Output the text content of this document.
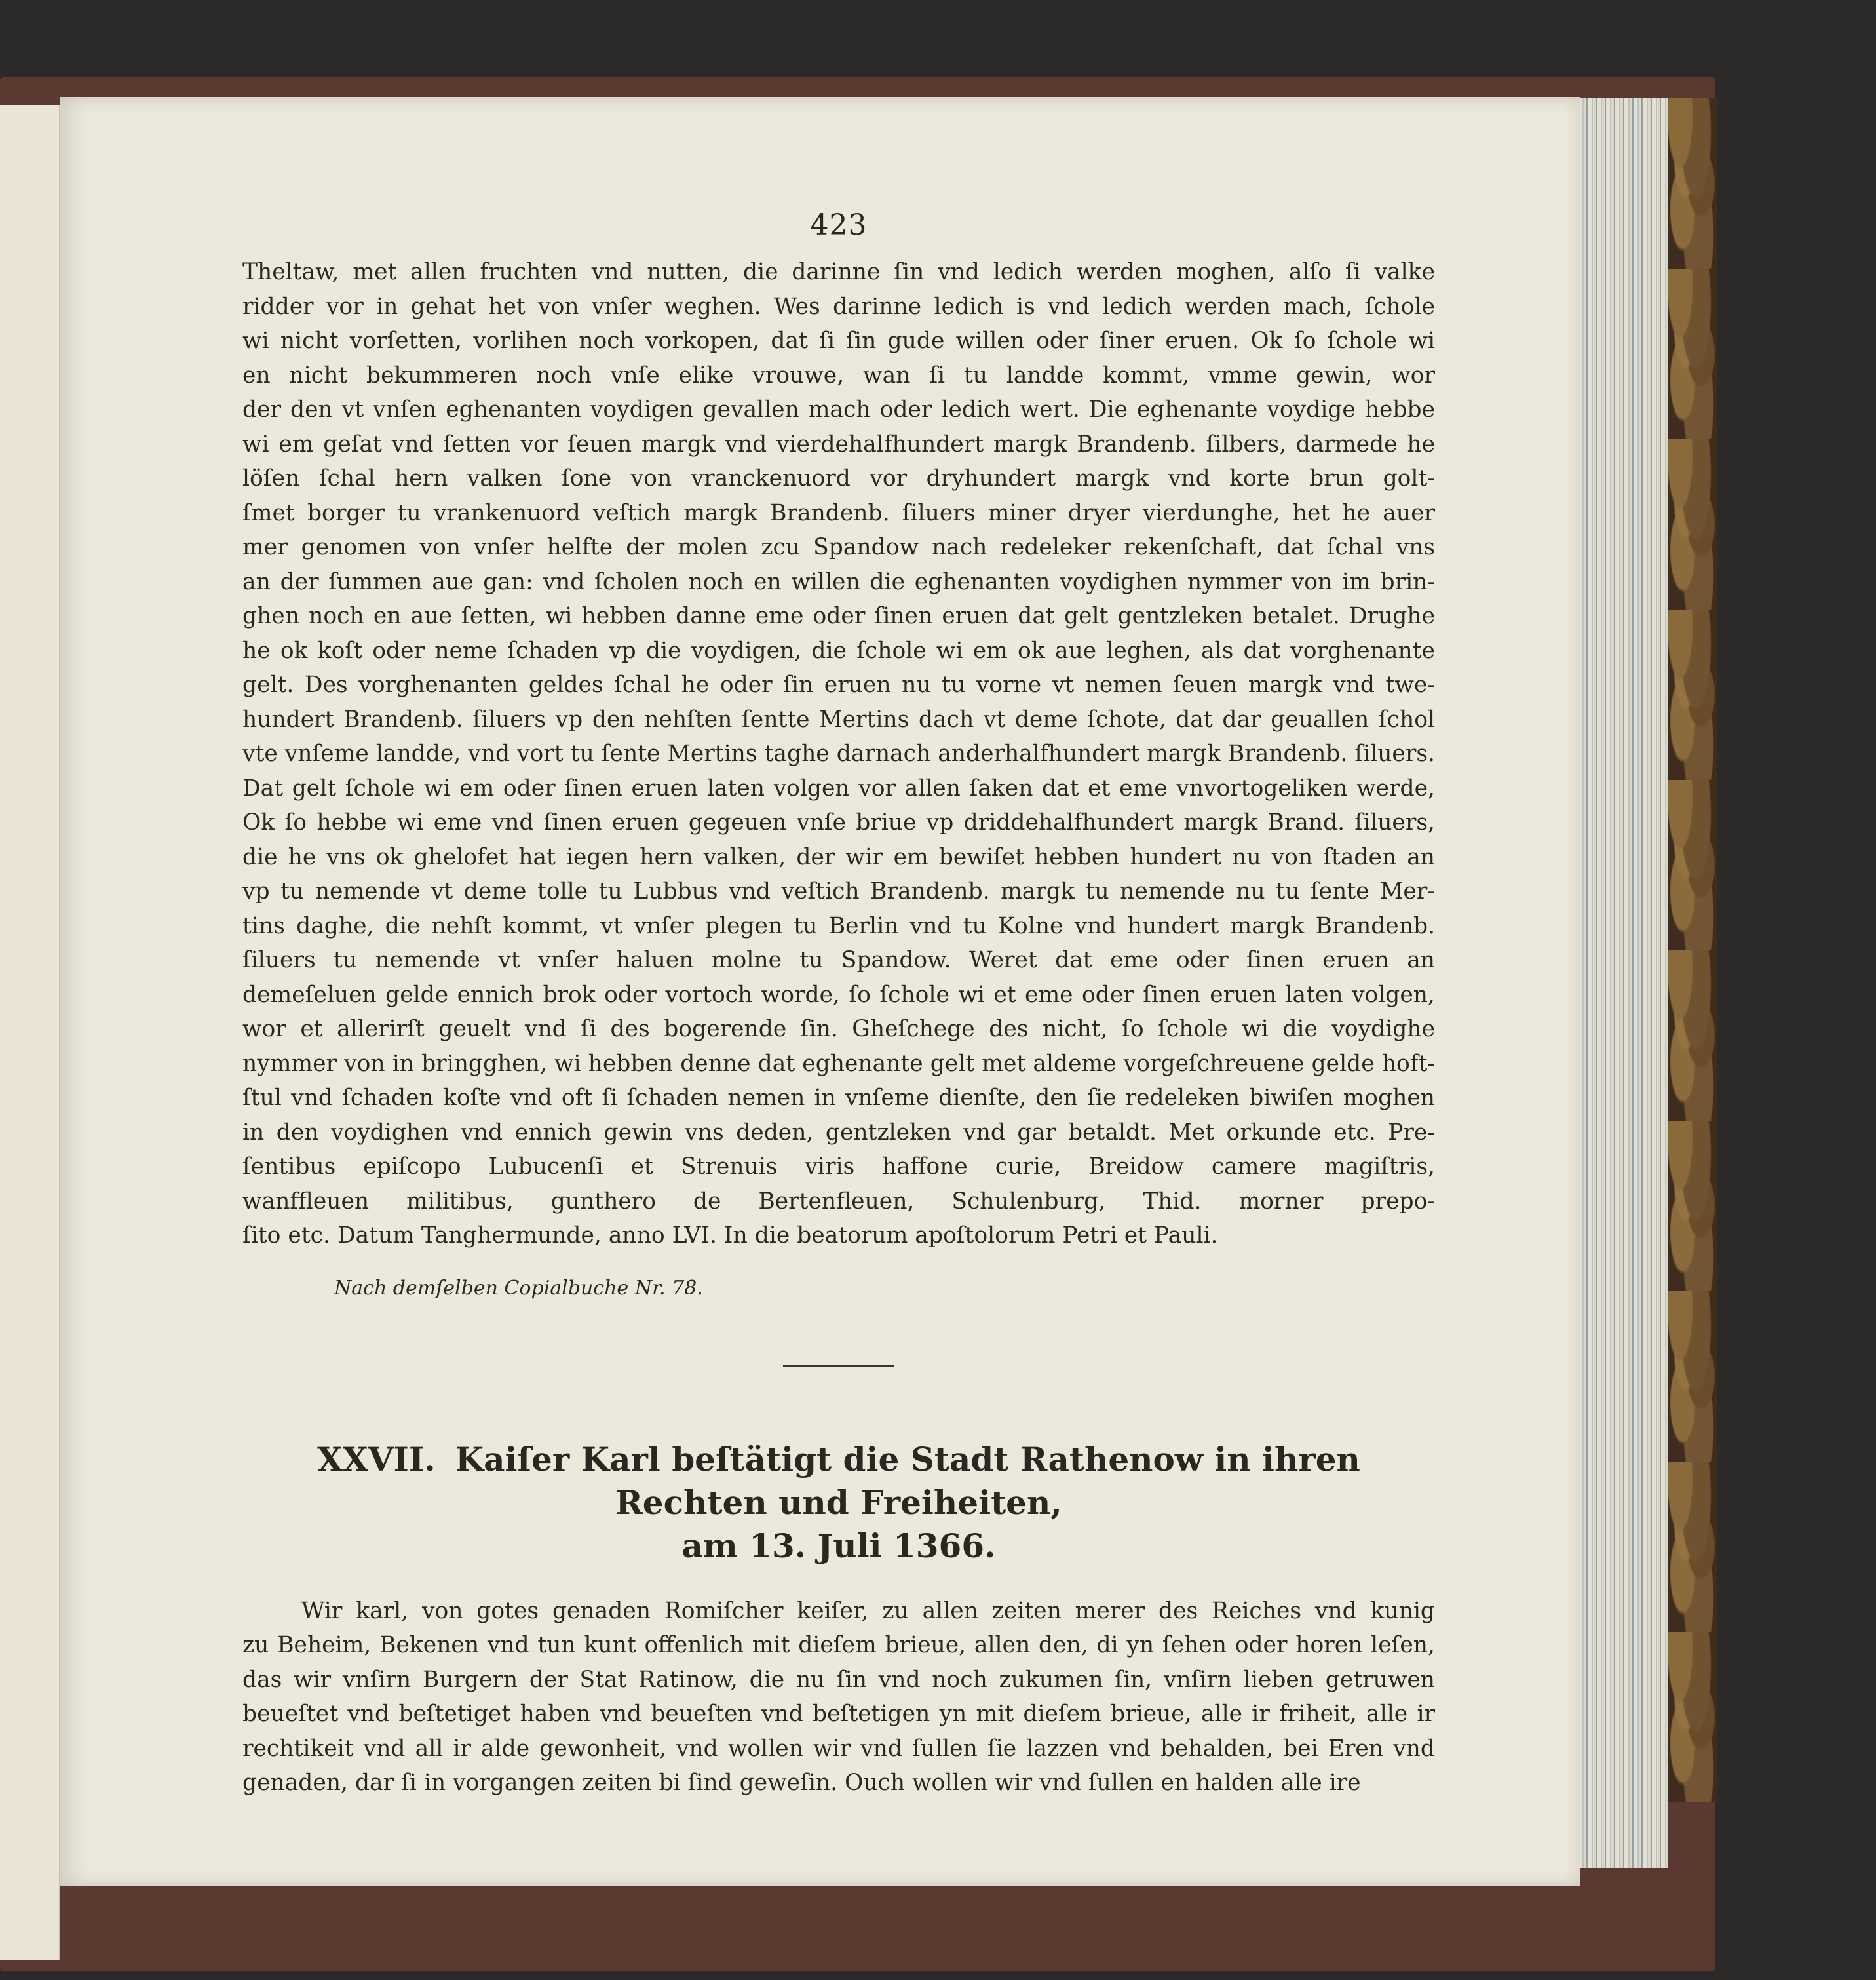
423
Theltaw, met allen fruchten vnd nutten, die darinne ſin vnd ledich werden moghen, alſo ſi valke
ridder vor in gehat het von vnſer weghen. Wes darinne ledich is vnd ledich werden mach, ſchole
wi nicht vorſetten, vorlihen noch vorkopen, dat ſi ſin gude willen oder ſiner eruen. Ok ſo ſchole wi
en nicht bekummeren noch vnſe elike vrouwe, wan ſi tu landde kommt, vmme gewin, wor
der den vt vnſen eghenanten voydigen gevallen mach oder ledich wert. Die eghenante voydige hebbe
wi em geſat vnd ſetten vor ſeuen margk vnd vierdehalfhundert margk Brandenb. ſilbers, darmede he
löſen ſchal hern valken ſone von vranckenuord vor dryhundert margk vnd korte brun golt-
ſmet borger tu vrankenuord veſtich margk Brandenb. ſiluers miner dryer vierdunghe, het he auer
mer genomen von vnſer helfte der molen zcu Spandow nach redeleker rekenſchaft, dat ſchal vns
an der ſummen aue gan: vnd ſcholen noch en willen die eghenanten voydighen nymmer von im brin-
ghen noch en aue ſetten, wi hebben danne eme oder ſinen eruen dat gelt gentzleken betalet. Drughe
he ok koſt oder neme ſchaden vp die voydigen, die ſchole wi em ok aue leghen, als dat vorghenante
gelt. Des vorghenanten geldes ſchal he oder ſin eruen nu tu vorne vt nemen ſeuen margk vnd twe-
hundert Brandenb. ſiluers vp den nehſten ſentte Mertins dach vt deme ſchote, dat dar geuallen ſchol
vte vnſeme landde, vnd vort tu ſente Mertins taghe darnach anderhalfhundert margk Brandenb. ſiluers.
Dat gelt ſchole wi em oder ſinen eruen laten volgen vor allen ſaken dat et eme vnvortogeliken werde,
Ok ſo hebbe wi eme vnd ſinen eruen gegeuen vnſe briue vp driddehalfhundert margk Brand. ſiluers,
die he vns ok ghelofet hat iegen hern valken, der wir em bewiſet hebben hundert nu von ſtaden an
vp tu nemende vt deme tolle tu Lubbus vnd veſtich Brandenb. margk tu nemende nu tu ſente Mer-
tins daghe, die nehſt kommt, vt vnſer plegen tu Berlin vnd tu Kolne vnd hundert margk Brandenb.
ſiluers tu nemende vt vnſer haluen molne tu Spandow. Weret dat eme oder ſinen eruen an
demeſeluen gelde ennich brok oder vortoch worde, ſo ſchole wi et eme oder ſinen eruen laten volgen,
wor et allerirſt geuelt vnd ſi des bogerende ſin. Gheſchege des nicht, ſo ſchole wi die voydighe
nymmer von in bringghen, wi hebben denne dat eghenante gelt met aldeme vorgeſchreuene gelde hoft-
ſtul vnd ſchaden koſte vnd oft ſi ſchaden nemen in vnſeme dienſte, den ſie redeleken biwiſen moghen
in den voydighen vnd ennich gewin vns deden, gentzleken vnd gar betaldt. Met orkunde etc. Pre-
ſentibus epiſcopo Lubucenſi et Strenuis viris haffone curie, Breidow camere magiſtris,
wanffleuen militibus, gunthero de Bertenfleuen, Schulenburg, Thid. morner prepo-
ſito etc. Datum Tanghermunde, anno LVI. In die beatorum apoſtolorum Petri et Pauli.
Nach demſelben Copialbuche Nr. 78.
XXVII. Kaiſer Karl beſtätigt die Stadt Rathenow in ihren Rechten und Freiheiten,
am 13. Juli 1366.
Wir karl, von gotes genaden Romiſcher keiſer, zu allen zeiten merer des Reiches vnd kunig
zu Beheim, Bekenen vnd tun kunt offenlich mit dieſem brieue, allen den, di yn ſehen oder horen leſen,
das wir vnſirn Burgern der Stat Ratinow, die nu ſin vnd noch zukumen ſin, vnſirn lieben getruwen
beueſtet vnd beſtetiget haben vnd beueſten vnd beſtetigen yn mit dieſem brieue, alle ir friheit, alle ir
rechtikeit vnd all ir alde gewonheit, vnd wollen wir vnd ſullen ſie lazzen vnd behalden, bei Eren vnd
genaden, dar ſi in vorgangen zeiten bi ſind geweſin. Ouch wollen wir vnd ſullen en halden alle ire
